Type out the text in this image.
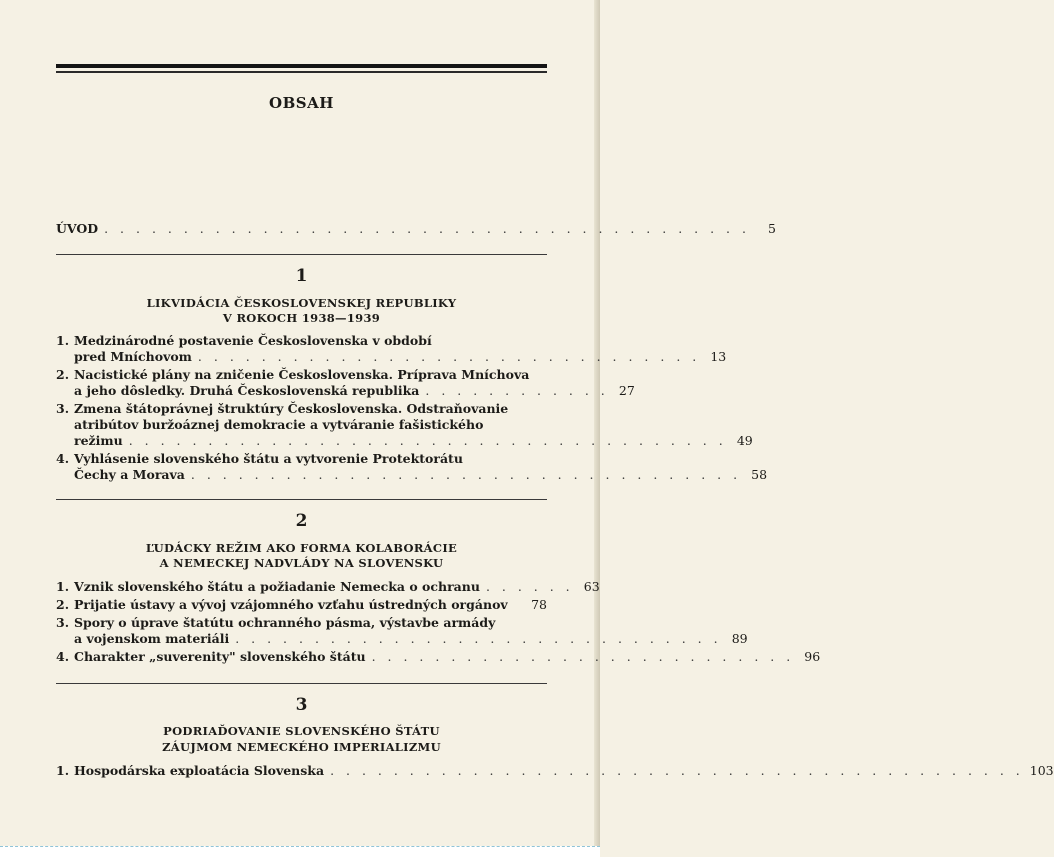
OBSAH
ÚVOD . . . . . . . . . . . . . . . . . . . . . . . . . . . . . . . . . . . . . . . . .	5
1
LIKVIDÁCIA ČESKOSLOVENSKEJ REPUBLIKY
V ROKOCH 1938—1939
1. Medzinárodné postavenie Československa v období
pred Mníchovom . . . . . . . . . . . . . . . . . . . . . . . . . . . . . . . . 13
2. Nacistické plány na zničenie Československa. Príprava Mníchova
a jeho dôsledky. Druhá Československá republika . . . . . . . . . . . . 27
3. Zmena štátoprávnej štruktúry Československa. Odstraňovanie
atribútov buržoáznej demokracie a vytváranie fašistického
režimu . . . . . . . . . . . . . . . . . . . . . . . . . . . . . . . . . . . . . . 49
4. Vyhlásenie slovenského štátu a vytvorenie Protektorátu
Čechy a Morava . . . . . . . . . . . . . . . . . . . . . . . . . . . . . . . . . . . 58
2
ĽUDÁCKY REŽIM AKO FORMA KOLABORÁCIE
A NEMECKEJ NADVLÁDY NA SLOVENSKU
1. Vznik slovenského štátu a požiadanie Nemecka o ochranu . . . . . . 63
2. Prijatie ústavy a vývoj vzájomného vzťahu ústredných orgánov	78
3. Spory o úprave štatútu ochranného pásma, výstavbe armády
a vojenskom materiáli . . . . . . . . . . . . . . . . . . . . . . . . . . . . . . . 89
4. Charakter „suverenity" slovenského štátu . . . . . . . . . . . . . . . . . . . . . . . . . . . 96
3
PODRIAĎOVANIE SLOVENSKÉHO ŠTÁTU
ZÁUJMOM NEMECKÉHO IMPERIALIZMU
1. Hospodárska exploatácia Slovenska . . . . . . . . . . . . . . . . . . . . . . . . . . . . . . . . . . . . . . . . . . . . 103
